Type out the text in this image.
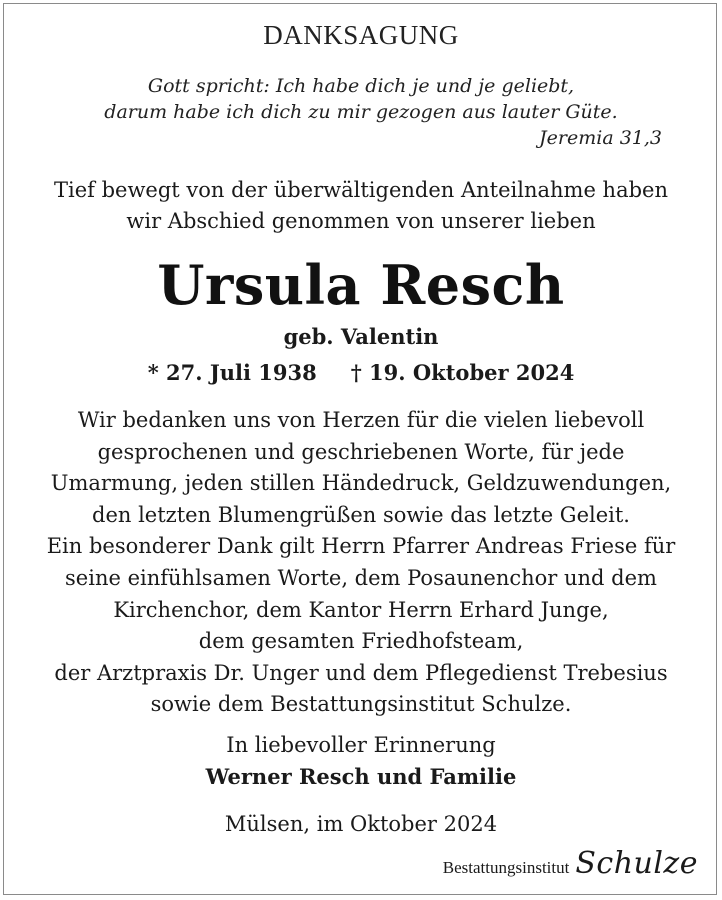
DANKSAGUNG
Gott spricht: Ich habe dich je und je geliebt,
darum habe ich dich zu mir gezogen aus lauter Güte.
Jeremia 31,3
Tief bewegt von der überwältigenden Anteilnahme haben
wir Abschied genommen von unserer lieben
Ursula Resch
geb. Valentin
* 27. Juli 1938 † 19. Oktober 2024
Wir bedanken uns von Herzen für die vielen liebevoll
gesprochenen und geschriebenen Worte, für jede
Umarmung, jeden stillen Händedruck, Geldzuwendungen,
den letzten Blumengrüßen sowie das letzte Geleit.
Ein besonderer Dank gilt Herrn Pfarrer Andreas Friese für
seine einfühlsamen Worte, dem Posaunenchor und dem
Kirchenchor, dem Kantor Herrn Erhard Junge,
dem gesamten Friedhofsteam,
der Arztpraxis Dr. Unger und dem Pflegedienst Trebesius
sowie dem Bestattungsinstitut Schulze.
In liebevoller Erinnerung
Werner Resch und Familie
Mülsen, im Oktober 2024
Bestattungsinstitut Schulze
